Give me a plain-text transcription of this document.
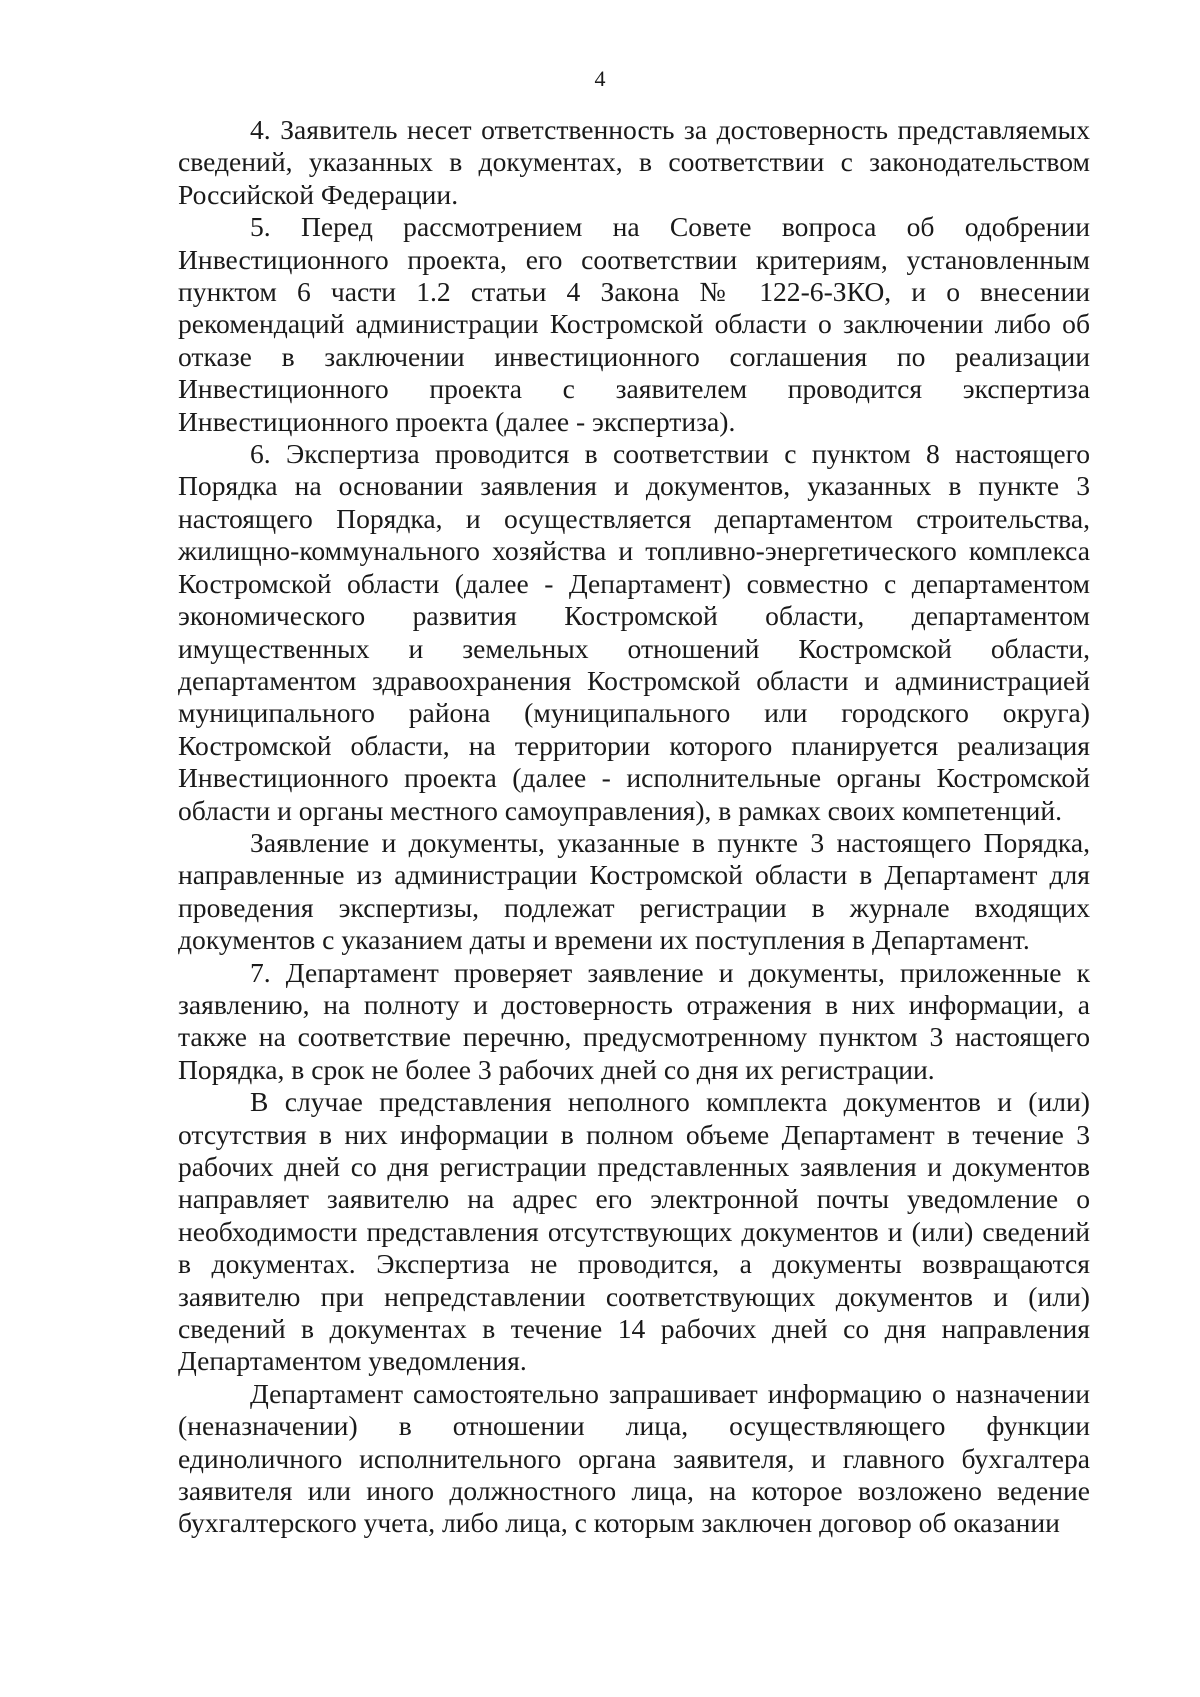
4

4. Заявитель несет ответственность за достоверность представляемых сведений, указанных в документах, в соответствии с законодательством Российской Федерации.

5. Перед рассмотрением на Совете вопроса об одобрении Инвестиционного проекта, его соответствии критериям, установленным пунктом 6 части 1.2 статьи 4 Закона № 122-6-ЗКО, и о внесении рекомендаций администрации Костромской области о заключении либо об отказе в заключении инвестиционного соглашения по реализации Инвестиционного проекта с заявителем проводится экспертиза Инвестиционного проекта (далее - экспертиза).

6. Экспертиза проводится в соответствии с пунктом 8 настоящего Порядка на основании заявления и документов, указанных в пункте 3 настоящего Порядка, и осуществляется департаментом строительства, жилищно-коммунального хозяйства и топливно-энергетического комплекса Костромской области (далее - Департамент) совместно с департаментом экономического развития Костромской области, департаментом имущественных и земельных отношений Костромской области, департаментом здравоохранения Костромской области и администрацией муниципального района (муниципального или городского округа) Костромской области, на территории которого планируется реализация Инвестиционного проекта (далее - исполнительные органы Костромской области и органы местного самоуправления), в рамках своих компетенций.

Заявление и документы, указанные в пункте 3 настоящего Порядка, направленные из администрации Костромской области в Департамент для проведения экспертизы, подлежат регистрации в журнале входящих документов с указанием даты и времени их поступления в Департамент.

7. Департамент проверяет заявление и документы, приложенные к заявлению, на полноту и достоверность отражения в них информации, а также на соответствие перечню, предусмотренному пунктом 3 настоящего Порядка, в срок не более 3 рабочих дней со дня их регистрации.

В случае представления неполного комплекта документов и (или) отсутствия в них информации в полном объеме Департамент в течение 3 рабочих дней со дня регистрации представленных заявления и документов направляет заявителю на адрес его электронной почты уведомление о необходимости представления отсутствующих документов и (или) сведений в документах. Экспертиза не проводится, а документы возвращаются заявителю при непредставлении соответствующих документов и (или) сведений в документах в течение 14 рабочих дней со дня направления Департаментом уведомления.

Департамент самостоятельно запрашивает информацию о назначении (неназначении) в отношении лица, осуществляющего функции единоличного исполнительного органа заявителя, и главного бухгалтера заявителя или иного должностного лица, на которое возложено ведение бухгалтерского учета, либо лица, с которым заключен договор об оказании
